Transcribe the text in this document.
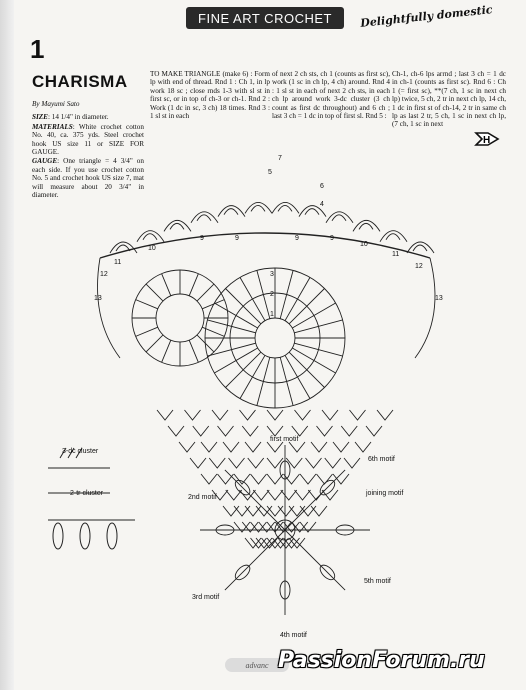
FINE ART CROCHET	Delightfully domestic
1
CHARISMA

By Mayumi Sato

SIZE: 14 1/4" in diameter.

MATERIALS: White crochet cotton No. 40, ca. 375 yds. Steel crochet hook US size 11 or SIZE FOR GAUGE.

GAUGE: One triangle = 4 3/4" on each side. If you use crochet cotton No. 5 and crochet hook US size 7, mat will measure about 20 3/4" in diameter.

TO MAKE TRIANGLE (make 6) : Form lp with end of thread. Rnd 1 : Ch 1, in lp work 18 sc ; close rnds 1-3 with sl st in first sc, or in top of ch-3 or ch-1. Rnd 2 : Work (1 dc in sc, 3 ch) 18 times. Rnd 3 : 1 sl st in each
of next 2 ch sts, ch 1 (counts as first sc), work (1 sc in ch lp, 4 ch) around. Rnd 4 : 1 sl st in each of next 2 ch sts, in each ch lp around work 3-dc cluster (3 ch count as first dc throughout) and 6 ch ; last 3 ch = 1 dc in top of first sl. Rnd 5 :
Ch-1, ch-6 lps arrnd ; last 3 ch = 1 dc in ch-1 (counts as first sc). Rnd 6 : Ch 1 (= first sc), **(7 ch, 1 sc in next ch lp) twice, 5 ch, 2 tr in next ch lp, 14 ch, 1 dc in first st of ch-14, 2 tr in same ch lp as last 2 tr, 5 ch, 1 sc in next ch lp, (7 ch, 1 sc in next
H
13
12
11
10
9	9	9	9
10
11
12
13
7
5
6
4
3
2
1
3-dc cluster
2-tr cluster
first motif
2nd motif
3rd motif
4th motif
5th motif
6th motif
joining motif
advanc PassionForum.ru
